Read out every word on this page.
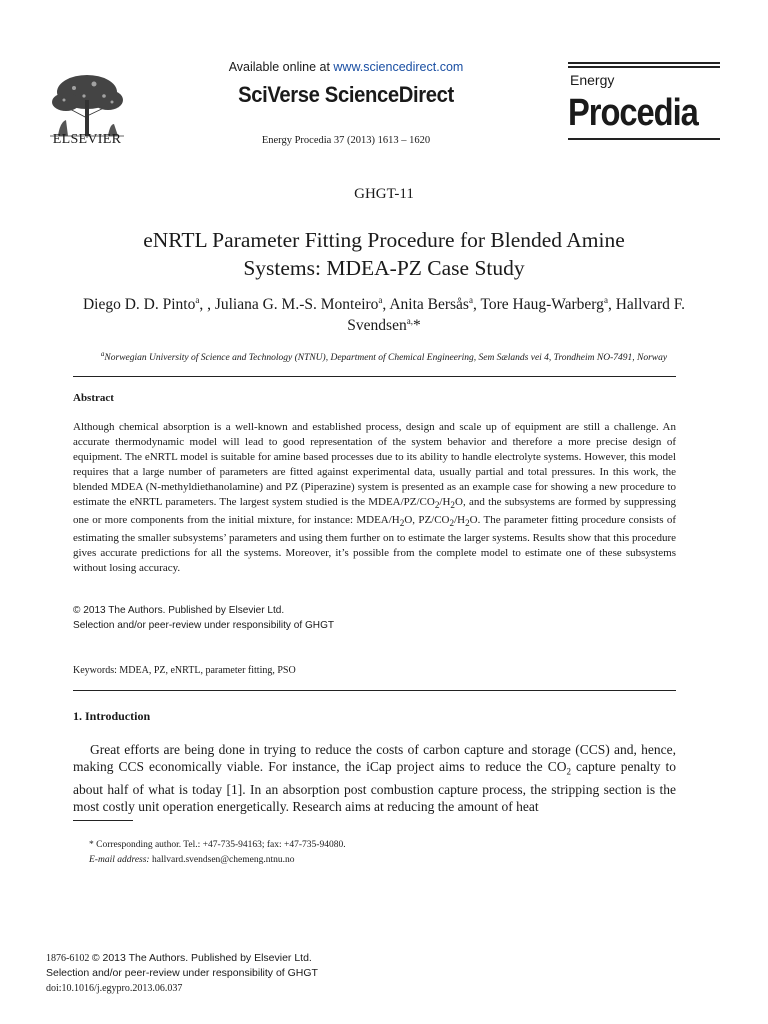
ELSEVIER
Available online at www.sciencedirect.com
SciVerse ScienceDirect
Energy Procedia 37 (2013) 1613 – 1620
Energy
Procedia
GHGT-11
eNRTL Parameter Fitting Procedure for Blended Amine
Systems: MDEA-PZ Case Study
Diego D. D. Pinto$^a$, , Juliana G. M.-S. Monteiro$^a$, Anita Bersås$^a$, Tore Haug-Warberg$^a$, Hallvard F. Svendsen$^{a,}$*
$^a$Norwegian University of Science and Technology (NTNU), Department of Chemical Engineering, Sem Sælands vei 4, Trondheim NO-7491, Norway
Abstract
Although chemical absorption is a well-known and established process, design and scale up of equipment are still a challenge. An accurate thermodynamic model will lead to good representation of the system behavior and therefore a more precise design of equipment. The eNRTL model is suitable for amine based processes due to its ability to handle electrolyte systems. However, this model requires that a large number of parameters are fitted against experimental data, usually partial and total pressures. In this work, the blended MDEA (N-methyldiethanolamine) and PZ (Piperazine) system is presented as an example case for showing a new procedure to estimate the eNRTL parameters. The largest system studied is the MDEA/$PZ/CO_2/H_2O$, and the subsystems are formed by suppressing one or more components from the initial mixture, for instance: MDEA/$H_2O$, $PZ/CO_2/H_2O$. The parameter fitting procedure consists of estimating the smaller subsystems’ parameters and using them further on to estimate the larger systems. Results show that this procedure gives accurate predictions for all the systems. Moreover, it’s possible from the complete model to estimate one of these subsystems without losing accuracy.
© 2013 The Authors. Published by Elsevier Ltd.
Selection and/or peer-review under responsibility of GHGT
Keywords: MDEA, PZ, eNRTL, parameter fitting, PSO
1. Introduction
Great efforts are being done in trying to reduce the costs of carbon capture and storage (CCS) and, hence, making CCS economically viable. For instance, the iCap project aims to reduce the $CO_2$ capture penalty to about half of what is today [1]. In an absorption post combustion capture process, the stripping section is the most costly unit operation energetically. Research aims at reducing the amount of heat
* Corresponding author. Tel.: +47-735-94163; fax: +47-735-94080.
E-mail address: hallvard.svendsen@chemeng.ntnu.no
1876-6102 © 2013 The Authors. Published by Elsevier Ltd.
Selection and/or peer-review under responsibility of GHGT
doi:10.1016/j.egypro.2013.06.037
